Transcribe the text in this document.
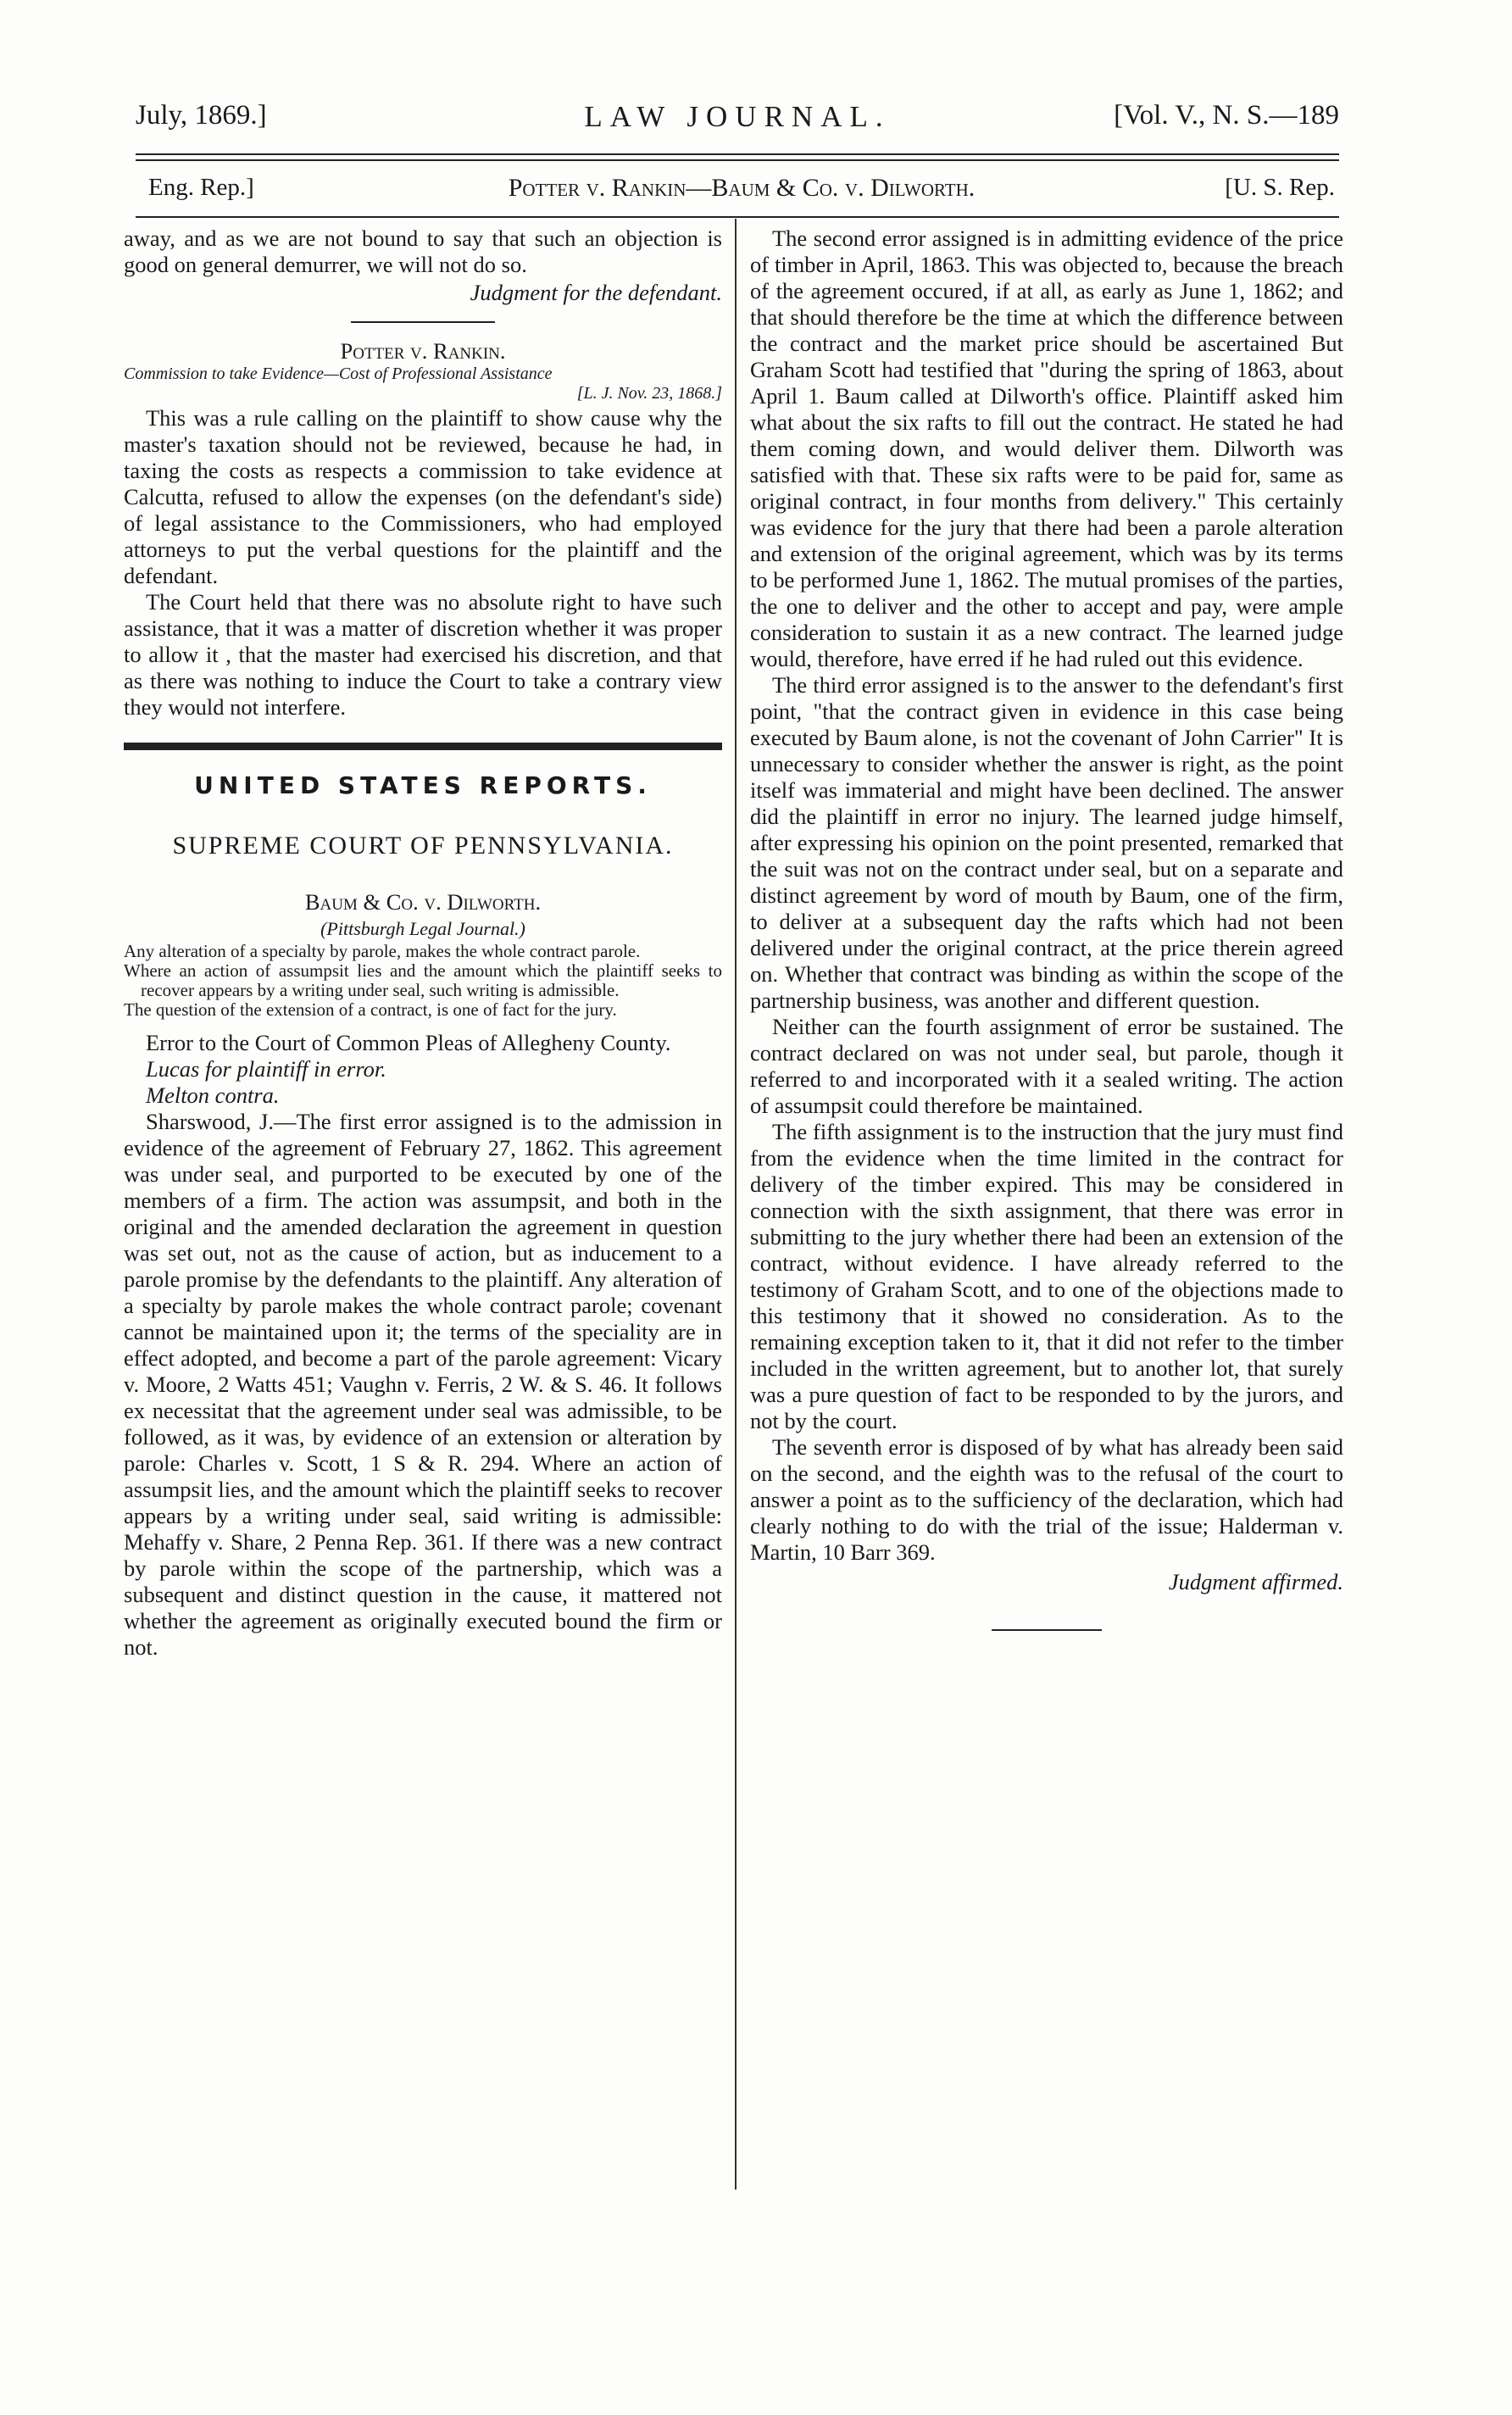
July, 1869.]	LAW JOURNAL.	[Vol. V., N. S.—189
Eng. Rep.]	Potter v. Rankin—Baum & Co. v. Dilworth.	[U. S. Rep.

away, and as we are not bound to say that such an objection is good on general demurrer, we will not do so.

Judgment for the defendant.

Potter v. Rankin.

Commission to take Evidence—Cost of Professional Assistance

[L. J. Nov. 23, 1868.]

This was a rule calling on the plaintiff to show cause why the master's taxation should not be reviewed, because he had, in taxing the costs as respects a commission to take evidence at Calcutta, refused to allow the expenses (on the defendant's side) of legal assistance to the Commissioners, who had employed attorneys to put the verbal questions for the plaintiff and the defendant.

The Court held that there was no absolute right to have such assistance, that it was a matter of discretion whether it was proper to allow it , that the master had exercised his discretion, and that as there was nothing to induce the Court to take a contrary view they would not interfere.

UNITED STATES REPORTS.

SUPREME COURT OF PENNSYLVANIA.

Baum & Co. v. Dilworth.

(Pittsburgh Legal Journal.)

Any alteration of a specialty by parole, makes the whole contract parole.

Where an action of assumpsit lies and the amount which the plaintiff seeks to recover appears by a writing under seal, such writing is admissible.

The question of the extension of a contract, is one of fact for the jury.

Error to the Court of Common Pleas of Allegheny County.

Lucas for plaintiff in error.

Melton contra.

Sharswood, J.—The first error assigned is to the admission in evidence of the agreement of February 27, 1862. This agreement was under seal, and purported to be executed by one of the members of a firm. The action was assumpsit, and both in the original and the amended declaration the agreement in question was set out, not as the cause of action, but as inducement to a parole promise by the defendants to the plaintiff. Any alteration of a specialty by parole makes the whole contract parole; covenant cannot be maintained upon it; the terms of the speciality are in effect adopted, and become a part of the parole agreement: Vicary v. Moore, 2 Watts 451; Vaughn v. Ferris, 2 W. & S. 46. It follows ex necessitat that the agreement under seal was admissible, to be followed, as it was, by evidence of an extension or alteration by parole: Charles v. Scott, 1 S & R. 294. Where an action of assumpsit lies, and the amount which the plaintiff seeks to recover appears by a writing under seal, said writing is admissible: Mehaffy v. Share, 2 Penna Rep. 361. If there was a new contract by parole within the scope of the partnership, which was a subsequent and distinct question in the cause, it mattered not whether the agreement as originally executed bound the firm or not.

The second error assigned is in admitting evidence of the price of timber in April, 1863. This was objected to, because the breach of the agreement occured, if at all, as early as June 1, 1862; and that should therefore be the time at which the difference between the contract and the market price should be ascertained But Graham Scott had testified that "during the spring of 1863, about April 1. Baum called at Dilworth's office. Plaintiff asked him what about the six rafts to fill out the contract. He stated he had them coming down, and would deliver them. Dilworth was satisfied with that. These six rafts were to be paid for, same as original contract, in four months from delivery." This certainly was evidence for the jury that there had been a parole alteration and extension of the original agreement, which was by its terms to be performed June 1, 1862. The mutual promises of the parties, the one to deliver and the other to accept and pay, were ample consideration to sustain it as a new contract. The learned judge would, therefore, have erred if he had ruled out this evidence.

The third error assigned is to the answer to the defendant's first point, "that the contract given in evidence in this case being executed by Baum alone, is not the covenant of John Carrier" It is unnecessary to consider whether the answer is right, as the point itself was immaterial and might have been declined. The answer did the plaintiff in error no injury. The learned judge himself, after expressing his opinion on the point presented, remarked that the suit was not on the contract under seal, but on a separate and distinct agreement by word of mouth by Baum, one of the firm, to deliver at a subsequent day the rafts which had not been delivered under the original contract, at the price therein agreed on. Whether that contract was binding as within the scope of the partnership business, was another and different question.

Neither can the fourth assignment of error be sustained. The contract declared on was not under seal, but parole, though it referred to and incorporated with it a sealed writing. The action of assumpsit could therefore be maintained.

The fifth assignment is to the instruction that the jury must find from the evidence when the time limited in the contract for delivery of the timber expired. This may be considered in connection with the sixth assignment, that there was error in submitting to the jury whether there had been an extension of the contract, without evidence. I have already referred to the testimony of Graham Scott, and to one of the objections made to this testimony that it showed no consideration. As to the remaining exception taken to it, that it did not refer to the timber included in the written agreement, but to another lot, that surely was a pure question of fact to be responded to by the jurors, and not by the court.

The seventh error is disposed of by what has already been said on the second, and the eighth was to the refusal of the court to answer a point as to the sufficiency of the declaration, which had clearly nothing to do with the trial of the issue; Halderman v. Martin, 10 Barr 369.

Judgment affirmed.
